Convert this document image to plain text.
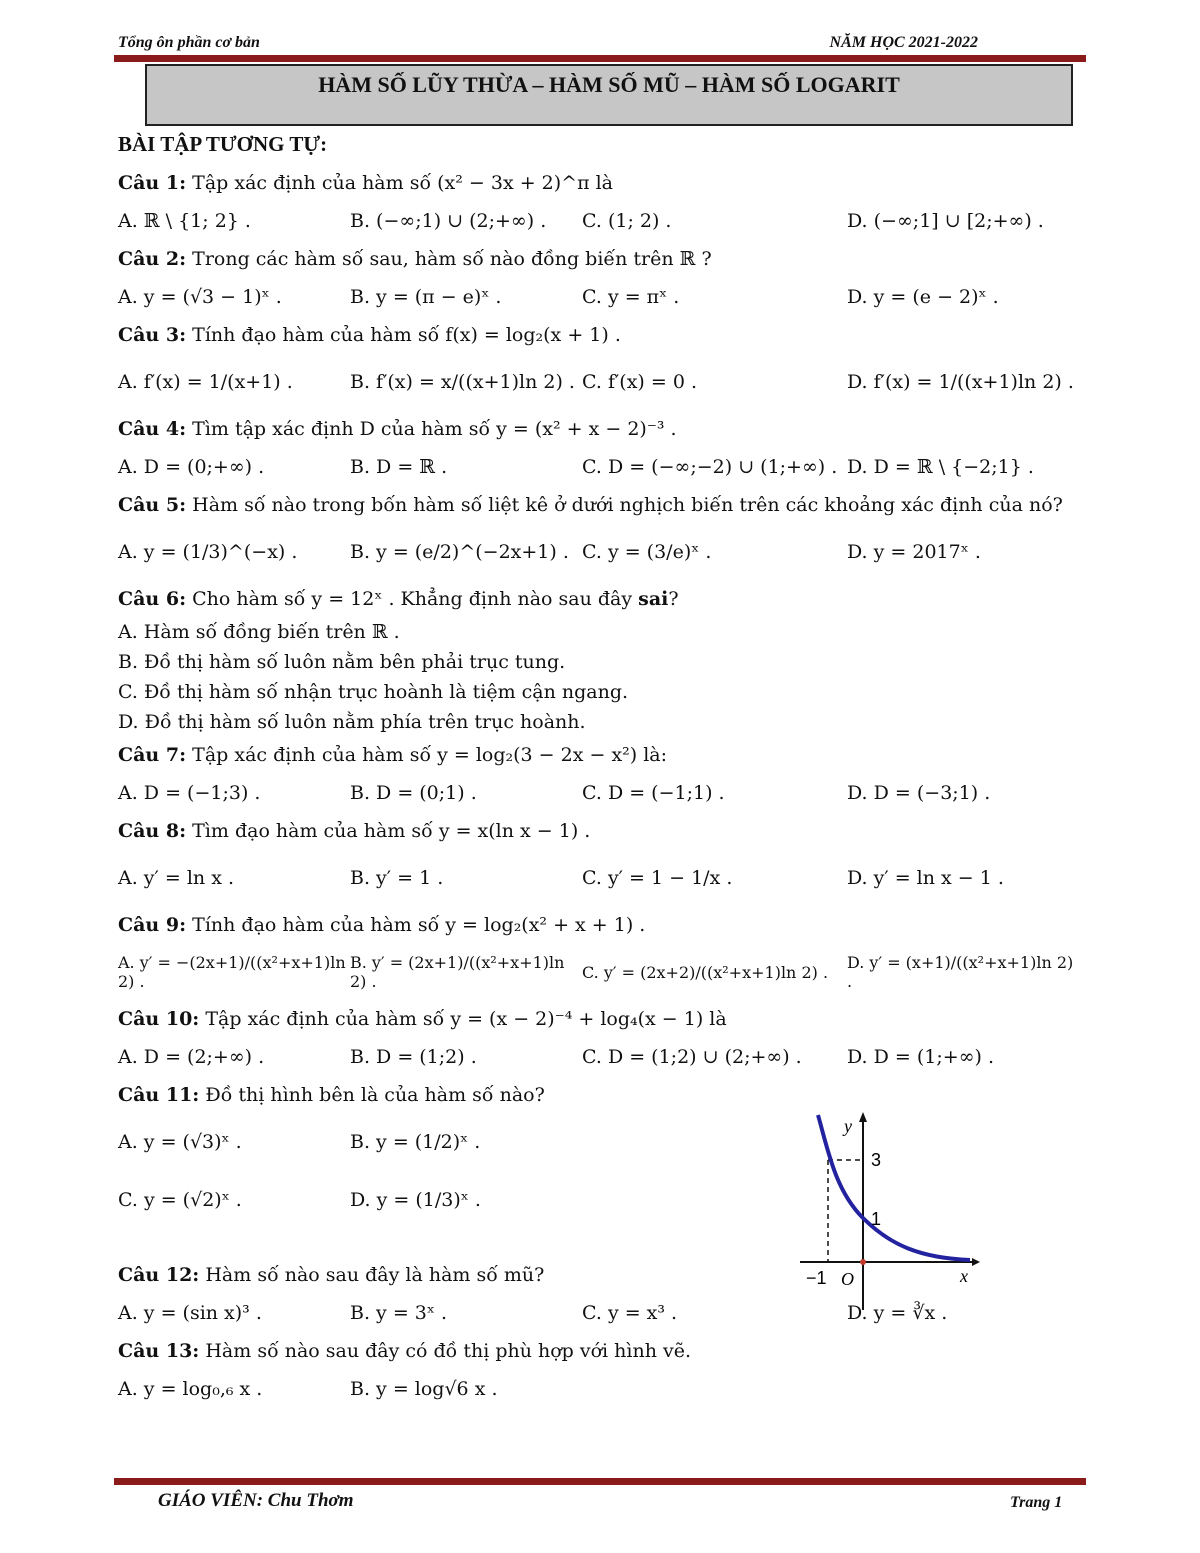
Tổng ôn phần cơ bản	NĂM HỌC 2021-2022
HÀM SỐ LŨY THỪA – HÀM SỐ MŨ – HÀM SỐ LOGARIT
BÀI TẬP TƯƠNG TỰ:
Câu 1: Tập xác định của hàm số (x² − 3x + 2)^π là
A. ℝ \ {1; 2} .	B. (−∞;1) ∪ (2;+∞) .	C. (1; 2) .	D. (−∞;1] ∪ [2;+∞) .
Câu 2: Trong các hàm số sau, hàm số nào đồng biến trên ℝ ?
A. y = (√3 − 1)ˣ .	B. y = (π − e)ˣ .	C. y = πˣ .	D. y = (e − 2)ˣ .
Câu 3: Tính đạo hàm của hàm số f(x) = log₂(x + 1) .
A. f′(x) = 1/(x+1) .	B. f′(x) = x/((x+1)ln 2) . C. f′(x) = 0 .	D. f′(x) = 1/((x+1)ln 2) .
Câu 4: Tìm tập xác định D của hàm số y = (x² + x − 2)⁻³ .
A. D = (0;+∞) .	B. D = ℝ .	C. D = (−∞;−2) ∪ (1;+∞) . D. D = ℝ \ {−2;1} .
Câu 5: Hàm số nào trong bốn hàm số liệt kê ở dưới nghịch biến trên các khoảng xác định của nó?
A. y = (1/3)^(−x) .	B. y = (e/2)^(−2x+1) . C. y = (3/e)ˣ .	D. y = 2017ˣ .
Câu 6: Cho hàm số y = 12ˣ . Khẳng định nào sau đây sai?
A. Hàm số đồng biến trên ℝ .
B. Đồ thị hàm số luôn nằm bên phải trục tung.
C. Đồ thị hàm số nhận trục hoành là tiệm cận ngang.
D. Đồ thị hàm số luôn nằm phía trên trục hoành.
Câu 7: Tập xác định của hàm số y = log₂(3 − 2x − x²) là:
A. D = (−1;3) .	B. D = (0;1) .	C. D = (−1;1) .	D. D = (−3;1) .
Câu 8: Tìm đạo hàm của hàm số y = x(ln x − 1) .
A. y′ = ln x .	B. y′ = 1 .	C. y′ = 1 − 1/x .	D. y′ = ln x − 1 .
Câu 9: Tính đạo hàm của hàm số y = log₂(x² + x + 1) .
A. y′ = −(2x+1)/((x²+x+1)ln 2) .
B. y′ = (2x+1)/((x²+x+1)ln 2) .	C. y′ = (2x+2)/((x²+x+1)ln 2) .	D. y′ = (x+1)/((x²+x+1)ln 2) .
Câu 10: Tập xác định của hàm số y = (x − 2)⁻⁴ + log₄(x − 1) là
A. D = (2;+∞) .	B. D = (1;2) .	C. D = (1;2) ∪ (2;+∞) .	D. D = (1;+∞) .
Câu 11: Đồ thị hình bên là của hàm số nào?
A. y = (√3)ˣ .	B. y = (1/2)ˣ .
C. y = (√2)ˣ .	D. y = (1/3)ˣ .
Câu 12: Hàm số nào sau đây là hàm số mũ?
A. y = (sin x)³ .	B. y = 3ˣ .	C. y = x³ .	D. y = ∛x .
Câu 13: Hàm số nào sau đây có đồ thị phù hợp với hình vẽ.
A. y = log₀,₆ x .	B. y = log√6 x .
y
x
O
3
1
−1
GIÁO VIÊN: Chu Thơm	Trang 1
